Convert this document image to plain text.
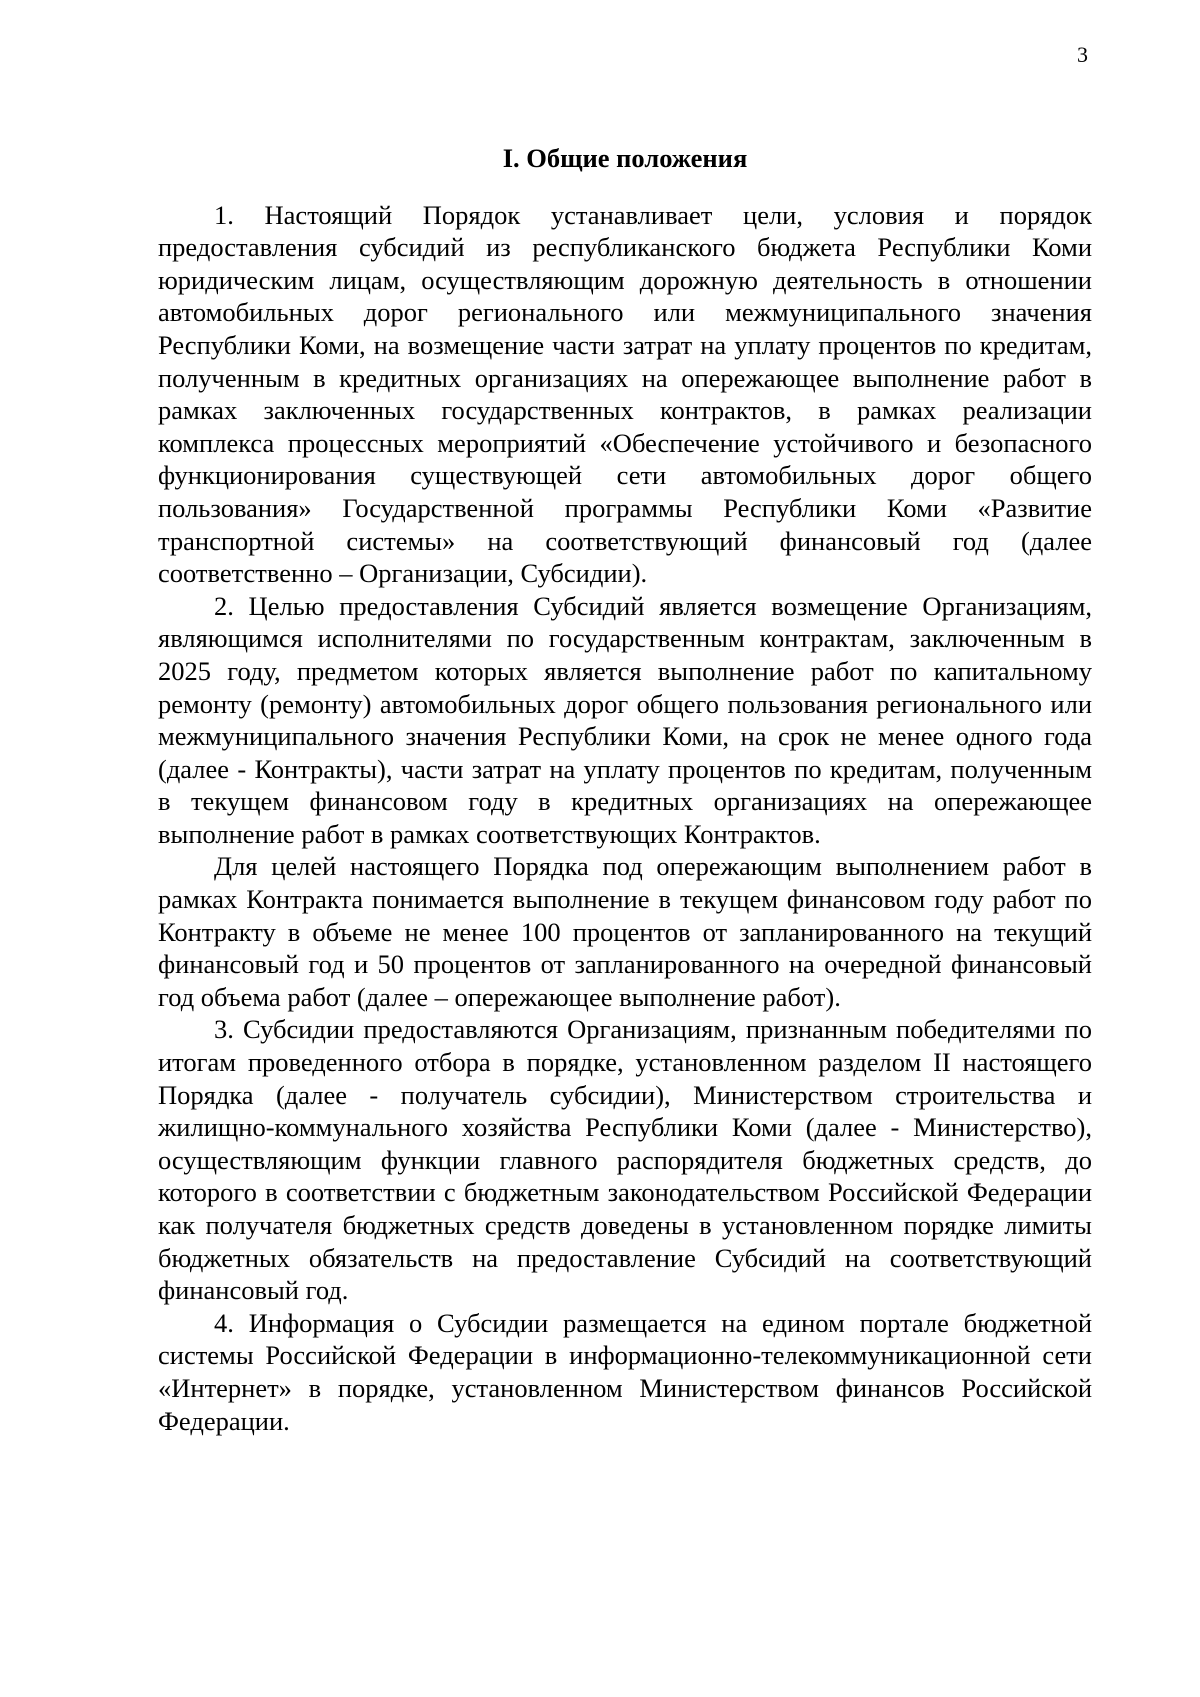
3
I. Общие положения

1. Настоящий Порядок устанавливает цели, условия и порядок предоставления субсидий из республиканского бюджета Республики Коми юридическим лицам, осуществляющим дорожную деятельность в отношении автомобильных дорог регионального или межмуниципального значения Республики Коми, на возмещение части затрат на уплату процентов по кредитам, полученным в кредитных организациях на опережающее выполнение работ в рамках заключенных государственных контрактов, в рамках реализации комплекса процессных мероприятий «Обеспечение устойчивого и безопасного функционирования существующей сети автомобильных дорог общего пользования» Государственной программы Республики Коми «Развитие транспортной системы» на соответствующий финансовый год (далее соответственно – Организации, Субсидии).

2. Целью предоставления Субсидий является возмещение Организациям, являющимся исполнителями по государственным контрактам, заключенным в 2025 году, предметом которых является выполнение работ по капитальному ремонту (ремонту) автомобильных дорог общего пользования регионального или межмуниципального значения Республики Коми, на срок не менее одного года (далее - Контракты), части затрат на уплату процентов по кредитам, полученным в текущем финансовом году в кредитных организациях на опережающее выполнение работ в рамках соответствующих Контрактов.

Для целей настоящего Порядка под опережающим выполнением работ в рамках Контракта понимается выполнение в текущем финансовом году работ по Контракту в объеме не менее 100 процентов от запланированного на текущий финансовый год и 50 процентов от запланированного на очередной финансовый год объема работ (далее – опережающее выполнение работ).

3. Субсидии предоставляются Организациям, признанным победителями по итогам проведенного отбора в порядке, установленном разделом II настоящего Порядка (далее - получатель субсидии), Министерством строительства и жилищно-коммунального хозяйства Республики Коми (далее - Министерство), осуществляющим функции главного распорядителя бюджетных средств, до которого в соответствии с бюджетным законодательством Российской Федерации как получателя бюджетных средств доведены в установленном порядке лимиты бюджетных обязательств на предоставление Субсидий на соответствующий финансовый год.

4. Информация о Субсидии размещается на едином портале бюджетной системы Российской Федерации в информационно-телекоммуникационной сети «Интернет» в порядке, установленном Министерством финансов Российской Федерации.
